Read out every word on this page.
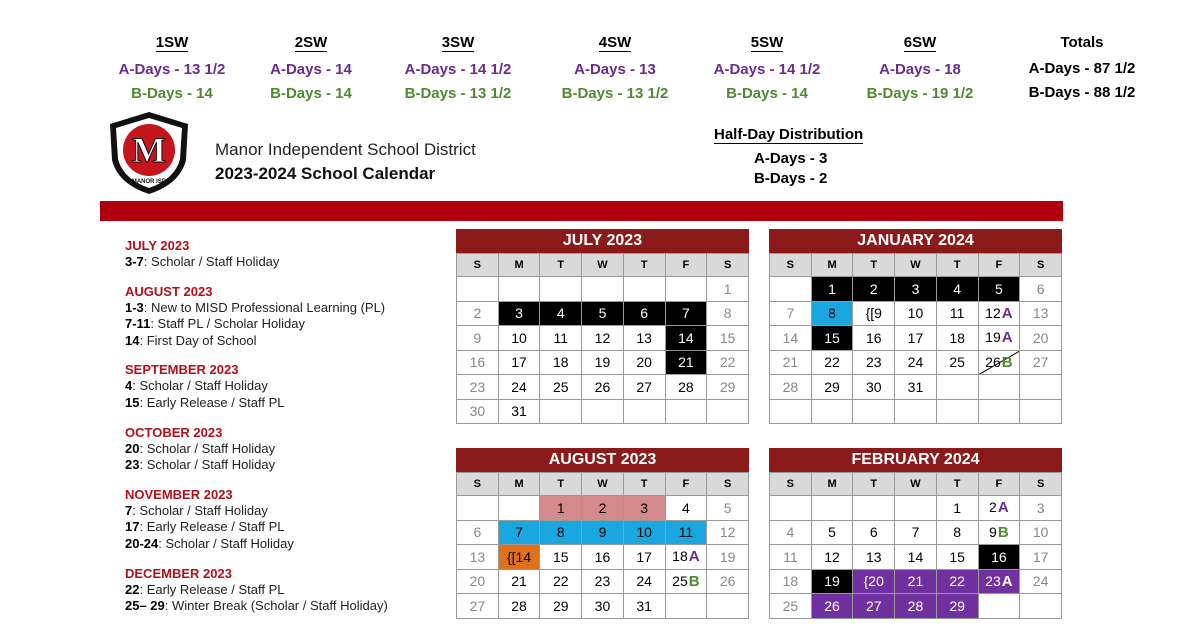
1SW
A-Days - 13 1/2
B-Days - 14
2SW
A-Days - 14
B-Days - 14
3SW
A-Days - 14 1/2
B-Days - 13 1/2
4SW
A-Days - 13
B-Days - 13 1/2
5SW
A-Days - 14 1/2
B-Days - 14
6SW
A-Days - 18
B-Days - 19 1/2
Totals
A-Days - 87 1/2
B-Days - 88 1/2
M
MANOR ISD
Manor Independent School District
2023-2024 School Calendar
Half-Day Distribution
A-Days - 3
B-Days - 2
JULY 2023
3-7: Scholar / Staff Holiday
AUGUST 2023
1-3: New to MISD Professional Learning (PL)
7-11: Staff PL / Scholar Holiday
14: First Day of School
SEPTEMBER 2023
4: Scholar / Staff Holiday
15: Early Release / Staff PL
OCTOBER 2023
20: Scholar / Staff Holiday
23: Scholar / Staff Holiday
NOVEMBER 2023
7: Scholar / Staff Holiday
17: Early Release / Staff PL
20-24: Scholar / Staff Holiday
DECEMBER 2023
22: Early Release / Staff PL
25– 29: Winter Break (Scholar / Staff Holiday)
JULY 2023
S	M	T	W	T	F	S
						1
2	3	4	5	6	7	8
9	10	11	12	13	14	15
16	17	18	19	20	21	22
23	24	25	26	27	28	29
30	31					
JANUARY 2024
S	M	T	W	T	F	S
	1	2	3	4	5	6
7	8	{[9	10	11	12A	13
14	15	16	17	18	19A	20
21	22	23	24	25	26B	27
28	29	30	31			

AUGUST 2023
S	M	T	W	T	F	S
		1	2	3	4	5
6	7	8	9	10	11	12
13	{[14	15	16	17	18A	19
20	21	22	23	24	25B	26
27	28	29	30	31		
FEBRUARY 2024
S	M	T	W	T	F	S
				1	2A	3
4	5	6	7	8	9B	10
11	12	13	14	15	16	17
18	19	{20	21	22	23A	24
25	26	27	28	29		
